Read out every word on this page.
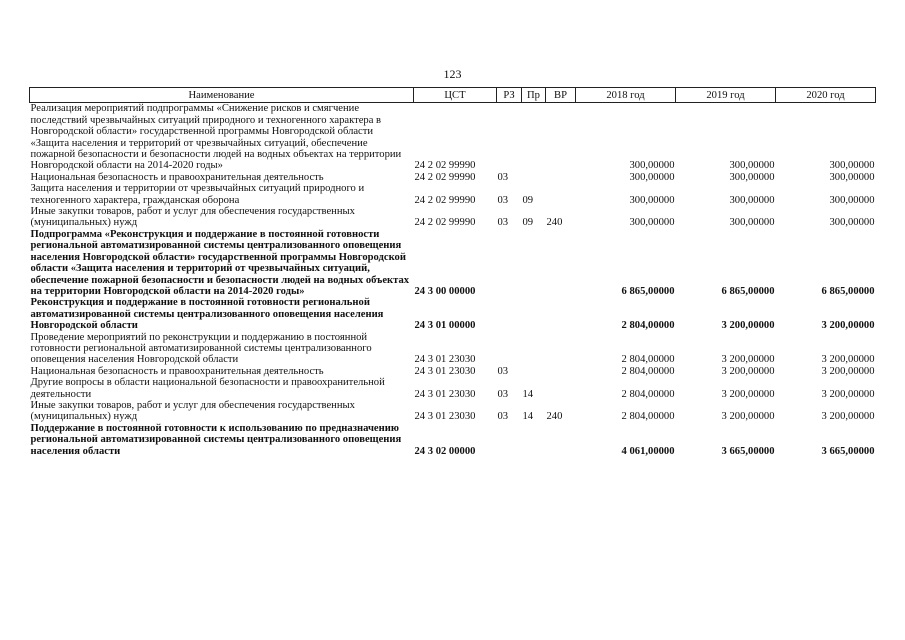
123
Наименование	ЦСТ	РЗ	Пр	ВР	2018 год	2019 год	2020 год
Реализация мероприятий подпрограммы «Снижение рисков и смягчение последствий чрезвычайных ситуаций природного и техногенного характера в Новгородской области» государственной программы Новгородской области «Защита населения и территорий от чрезвычайных ситуаций, обеспечение пожарной безопасности и безопасности людей на водных объектах на территории Новгородской области на 2014-2020 годы»	24 2 02 99990				300,00000	300,00000	300,00000
Национальная безопасность и правоохранительная деятельность	24 2 02 99990	03			300,00000	300,00000	300,00000
Защита населения и территории от чрезвычайных ситуаций природного и техногенного характера, гражданская оборона	24 2 02 99990	03	09		300,00000	300,00000	300,00000
Иные закупки товаров, работ и услуг для обеспечения государственных (муниципальных) нужд	24 2 02 99990	03	09	240	300,00000	300,00000	300,00000
Подпрограмма «Реконструкция и поддержание в постоянной готовности региональной автоматизированной системы централизованного оповещения населения Новгородской области» государственной программы Новгородской области «Защита населения и территорий от чрезвычайных ситуаций, обеспечение пожарной безопасности и безопасности людей на водных объектах на территории Новгородской области на 2014-2020 годы»	24 3 00 00000				6 865,00000	6 865,00000	6 865,00000
Реконструкция и поддержание в постоянной готовности региональной автоматизированной системы централизованного оповещения населения Новгородской области	24 3 01 00000				2 804,00000	3 200,00000	3 200,00000
Проведение мероприятий по реконструкции и поддержанию в постоянной готовности региональной автоматизированной системы централизованного оповещения населения Новгородской области	24 3 01 23030				2 804,00000	3 200,00000	3 200,00000
Национальная безопасность и правоохранительная деятельность	24 3 01 23030	03			2 804,00000	3 200,00000	3 200,00000
Другие вопросы в области национальной безопасности и правоохранительной деятельности	24 3 01 23030	03	14		2 804,00000	3 200,00000	3 200,00000
Иные закупки товаров, работ и услуг для обеспечения государственных (муниципальных) нужд	24 3 01 23030	03	14	240	2 804,00000	3 200,00000	3 200,00000
Поддержание в постоянной готовности к использованию по предназначению региональной автоматизированной системы централизованного оповещения населения области	24 3 02 00000				4 061,00000	3 665,00000	3 665,00000
